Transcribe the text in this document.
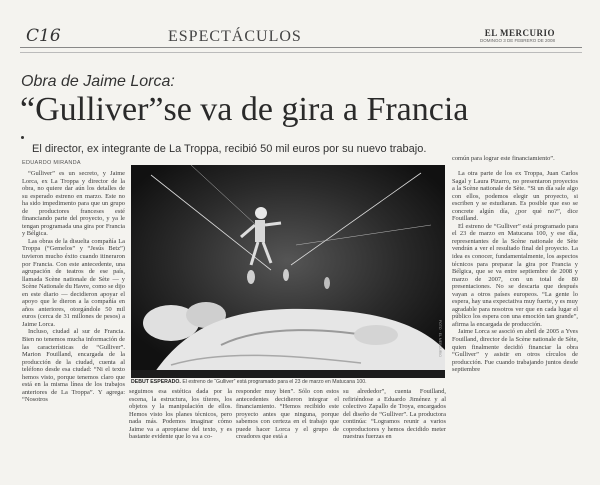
C16	ESPECTÁCULOS	EL MERCURIO
DOMINGO 3 DE FEBRERO DE 2008
Obra de Jaime Lorca:
“Gulliver”se va de gira a Francia
El director, ex integrante de La Troppa, recibió 50 mil euros por su nuevo trabajo.
EDUARDO MIRANDA

“Gulliver” es un secreto, y Jaime Lorca, ex La Troppa y director de la obra, no quiere dar aún los detalles de su esperado estreno en marzo. Este no ha sido impedimento para que un grupo de productores franceses esté financiando parte del proyecto, y ya le tengan programada una gira por Francia y Bélgica.

Las obras de la disuelta compañía La Troppa (“Gemelos” y “Jesús Betz”) tuvieron mucho éxito cuando itineraron por Francia. Con este antecedente, una agrupación de teatros de ese país, llamada Scène nationale de Sète — y Scène Nationale du Havre, como se dijo en este diario — decidieron apoyar el apoyo que le dieron a la compañía en años anteriores, otorgándole 50 mil euros (cerca de 31 millones de pesos) a Jaime Lorca.

Incluso, ciudad al sur de Francia. Bien no tenemos mucha información de las características de “Gulliver”. Marion Fouilland, encargada de la producción de la ciudad, cuenta al teléfono desde esa ciudad: “Ni el texto hemos visto, porque tenemos claro que está en la misma línea de los trabajos anteriores de La Troppa”. Y agrega: “Nosotros

FOTO · EL MERCURIO
DEBUT ESPERADO. El estreno de “Gulliver” está programado para el 23 de marzo en Matucana 100.

seguimos esa estética dada por la escena, la estructura, los títeres, los objetos y la manipulación de ellos. Hemos visto los planes técnicos, pero nada más. Podemos imaginar cómo Jaime va a apropiarse del texto, y es bastante evidente que lo va a co-

responder muy bien”. Sólo con estos antecedentes decidieron integrar el financiamiento. “Hemos recibido este proyecto antes que ninguna, porque sabemos con certeza en el trabajo que puede hacer Lorca y el grupo de creadores que está a

su alrededor”, cuenta Fouilland, refiriéndose a Eduardo Jiménez y al colectivo Zapallo de Troya, encargados del diseño de “Gulliver”. La productora continúa: “Logramos reunir a varios coproductores y hemos decidido meter nuestras fuerzas en

común para lograr este financiamiento”.

La otra parte de los ex Troppa, Juan Carlos Sagal y Laura Pizarro, no presentaron proyectos a la Scène nationale de Sète. “Si un día sale algo con ellos, podemos elegir un proyecto, si escriben y se estudiaran. Es posible que eso se concrete algún día, ¿por qué no?”, dice Fouilland.

El estreno de “Gulliver” está programado para el 23 de marzo en Matucana 100, y ese día, representantes de la Scène nationale de Sète vendrán a ver el resultado final del proyecto. La idea es conocer, fundamentalmente, los aspectos técnicos para preparar la gira por Francia y Bélgica, que se va entre septiembre de 2008 y marzo de 2007, con un total de 80 presentaciones. No se descarta que después vayan a otros países europeos. “La gente lo espera, hay una expectativa muy fuerte, y es muy agradable para nosotros ver que en cada lugar el público los espera con una emoción tan grande”, afirma la encargada de producción.

Jaime Lorca se asoció en abril de 2005 a Yves Fouilland, director de la Scène nationale de Sète, quien finalmente decidió financiar la obra “Gulliver” y asistir en otros círculos de producción. Fue cuando trabajando juntos desde septiembre
